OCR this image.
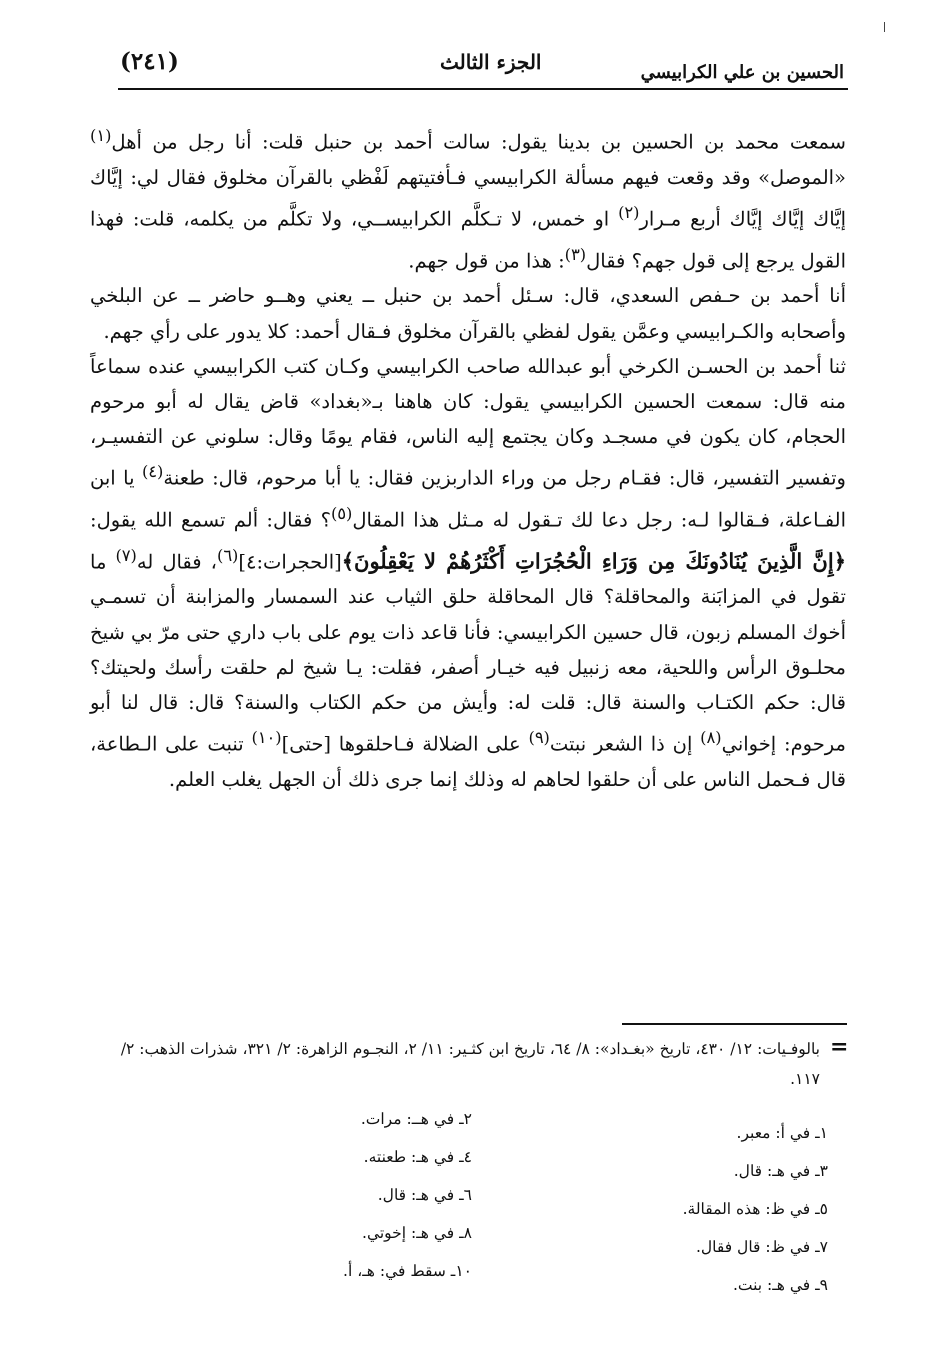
(٢٤١)	الجزء الثالث	الحسين بن علي الكرابيسي

سمعت محمد بن الحسين بن بدينا يقول: سالت أحمد بن حنبل قلت: أنا رجل من أهل$^{(١)}$ «الموصل» وقد وقعت فيهم مسألة الكرابيسي فـأفتيتهم لَفْظي بالقرآن مخلوق فقال لي: إيَّاك إيَّاك إيَّاك إيَّاك أربع مـرار$^{(٢)}$ او خمس، لا تـكلَّم الكرابيســي، ولا تكلَّم من يكلمه، قلت: فهذا القول يرجع إلى قول جهم؟ فقال$^{(٣)}$: هذا من قول جهم.

أنا أحمد بن حـفص السعدي، قال: سـئل أحمد بن حنبل ــ يعني وهــو حاضر ــ عن البلخي وأصحابه والكـرابيسي وعمَّن يقول لفظي بالقرآن مخلوق فـقال أحمد: كلا يدور على رأي جهم.

ثنا أحمد بن الحسـن الكرخي أبو عبدالله صاحب الكرابيسي وكـان كتب الكرابيسي عنده سماعاً منه قال: سمعت الحسين الكرابيسي يقول: كان هاهنا بـ«بغداد» قاض يقال له أبو مرحوم الحجام، كان يكون في مسجـد وكان يجتمع إليه الناس، فقام يومًا وقال: سلوني عن التفسيـر، وتفسير التفسير، قال: فقـام رجل من وراء الداربزين فقال: يا أبا مرحوم، قال: طعنة$^{(٤)}$ يا ابن الفـاعلة، فـقالوا لـه: رجل دعا لك تـقول له مـثل هذا المقال$^{(٥)}$؟ فقال: ألم تسمع الله يقول: ﴿إِنَّ الَّذِينَ يُنَادُونَكَ مِن وَرَاءِ الْحُجُرَاتِ أَكْثَرُهُمْ لا يَعْقِلُونَ﴾[الحجرات:٤]$^{(٦)}$، فقال له$^{(٧)}$ ما تقول في المزابَنة والمحاقلة؟ قال المحاقلة حلق الثياب عند السمسار والمزابنة أن تسمـي أخوك المسلم زبون، قال حسين الكرابيسي: فأنا قاعد ذات يوم على باب داري حتى مرّ بي شيخ محلـوق الرأس واللحية، معه زنبيل فيه خيـار أصفر، فقلت: يـا شيخ لم حلقت رأسك ولحيتك؟ قال: حكم الكتـاب والسنة قال: قلت له: وأيش من حكم الكتاب والسنة؟ قال: قال لنا أبو مرحوم: إخواني$^{(٨)}$ إن ذا الشعر نبتت$^{(٩)}$ على الضلالة فـاحلقوها [حتى]$^{(١٠)}$ تنبت على الـطاعة، قال فـحمل الناس على أن حلقوا لحاهم له وذلك إنما جرى ذلك أن الجهل يغلب العلم.

=
بالوفـيات: ١٢/ ٤٣٠، تاريخ «بغـداد»: ٨/ ٦٤، تاريخ ابن كثـير: ١١/ ٢، النجـوم الزاهرة: ٢/ ٣٢١، شذرات الذهب: ٢/ ١١٧.
١ـ في أ: معبر.
٢ـ في هــ: مرات.
٣ـ في هـ: قال.
٤ـ في هـ: طعنته.
٥ـ في ظ: هذه المقالة.
٦ـ في هـ: قال.
٧ـ في ظ: قال فقال.
٨ـ في هـ: إخوتي.
٩ـ في هـ: بنت.
١٠ـ سقط في: هـ، أ.
